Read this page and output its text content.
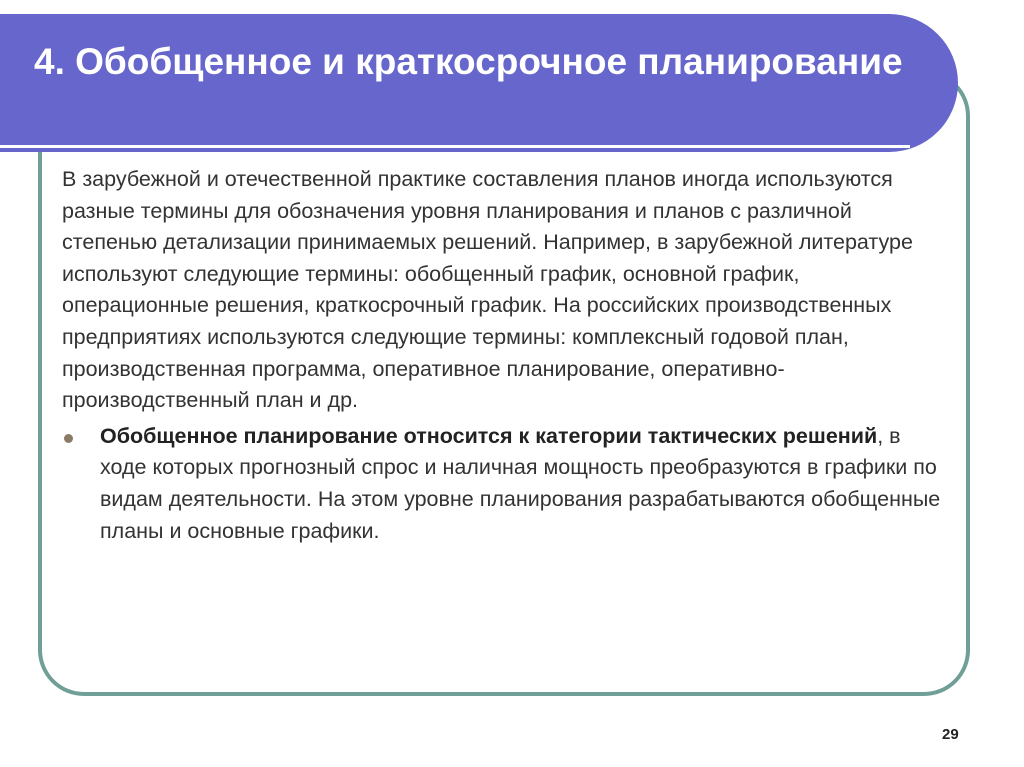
4. Обобщенное и краткосрочное планирование

В зарубежной и отечественной практике составления планов иногда используются разные термины для обозначения уровня планирования и планов с различной степенью детализации принимаемых решений. Например, в зарубежной литературе используют следующие термины: обобщенный график, основной график, операционные решения, краткосрочный график. На российских производственных предприятиях используются следующие термины: комплексный годовой план, производственная программа, оперативное планирование, оперативно-производственный план и др.

Обобщенное планирование относится к категории тактических решений, в ходе которых прогнозный спрос и наличная мощность преобразуются в графики по видам деятельности. На этом уровне планирования разрабатываются обобщенные планы и основные графики.

29
